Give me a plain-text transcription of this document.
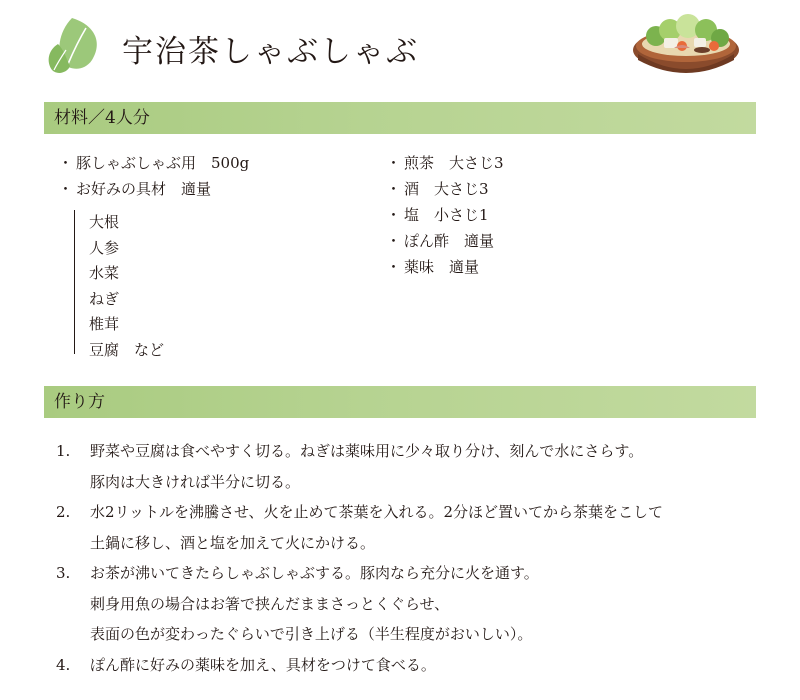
宇治茶しゃぶしゃぶ
材料／4人分
・ 豚しゃぶしゃぶ用　500g
・ お好みの具材　適量
大根
人参
水菜
ねぎ
椎茸
豆腐　など
・ 煎茶　大さじ3
・ 酒　大さじ3
・ 塩　小さじ1
・ ぽん酢　適量
・ 薬味　適量
作り方
1.	野菜や豆腐は食べやすく切る。ねぎは薬味用に少々取り分け、刻んで水にさらす。
豚肉は大きければ半分に切る。
2.	水2リットルを沸騰させ、火を止めて茶葉を入れる。2分ほど置いてから茶葉をこして
土鍋に移し、酒と塩を加えて火にかける。
3.	お茶が沸いてきたらしゃぶしゃぶする。豚肉なら充分に火を通す。
刺身用魚の場合はお箸で挟んだままさっとくぐらせ、
表面の色が変わったぐらいで引き上げる（半生程度がおいしい）。
4.	ぽん酢に好みの薬味を加え、具材をつけて食べる。
